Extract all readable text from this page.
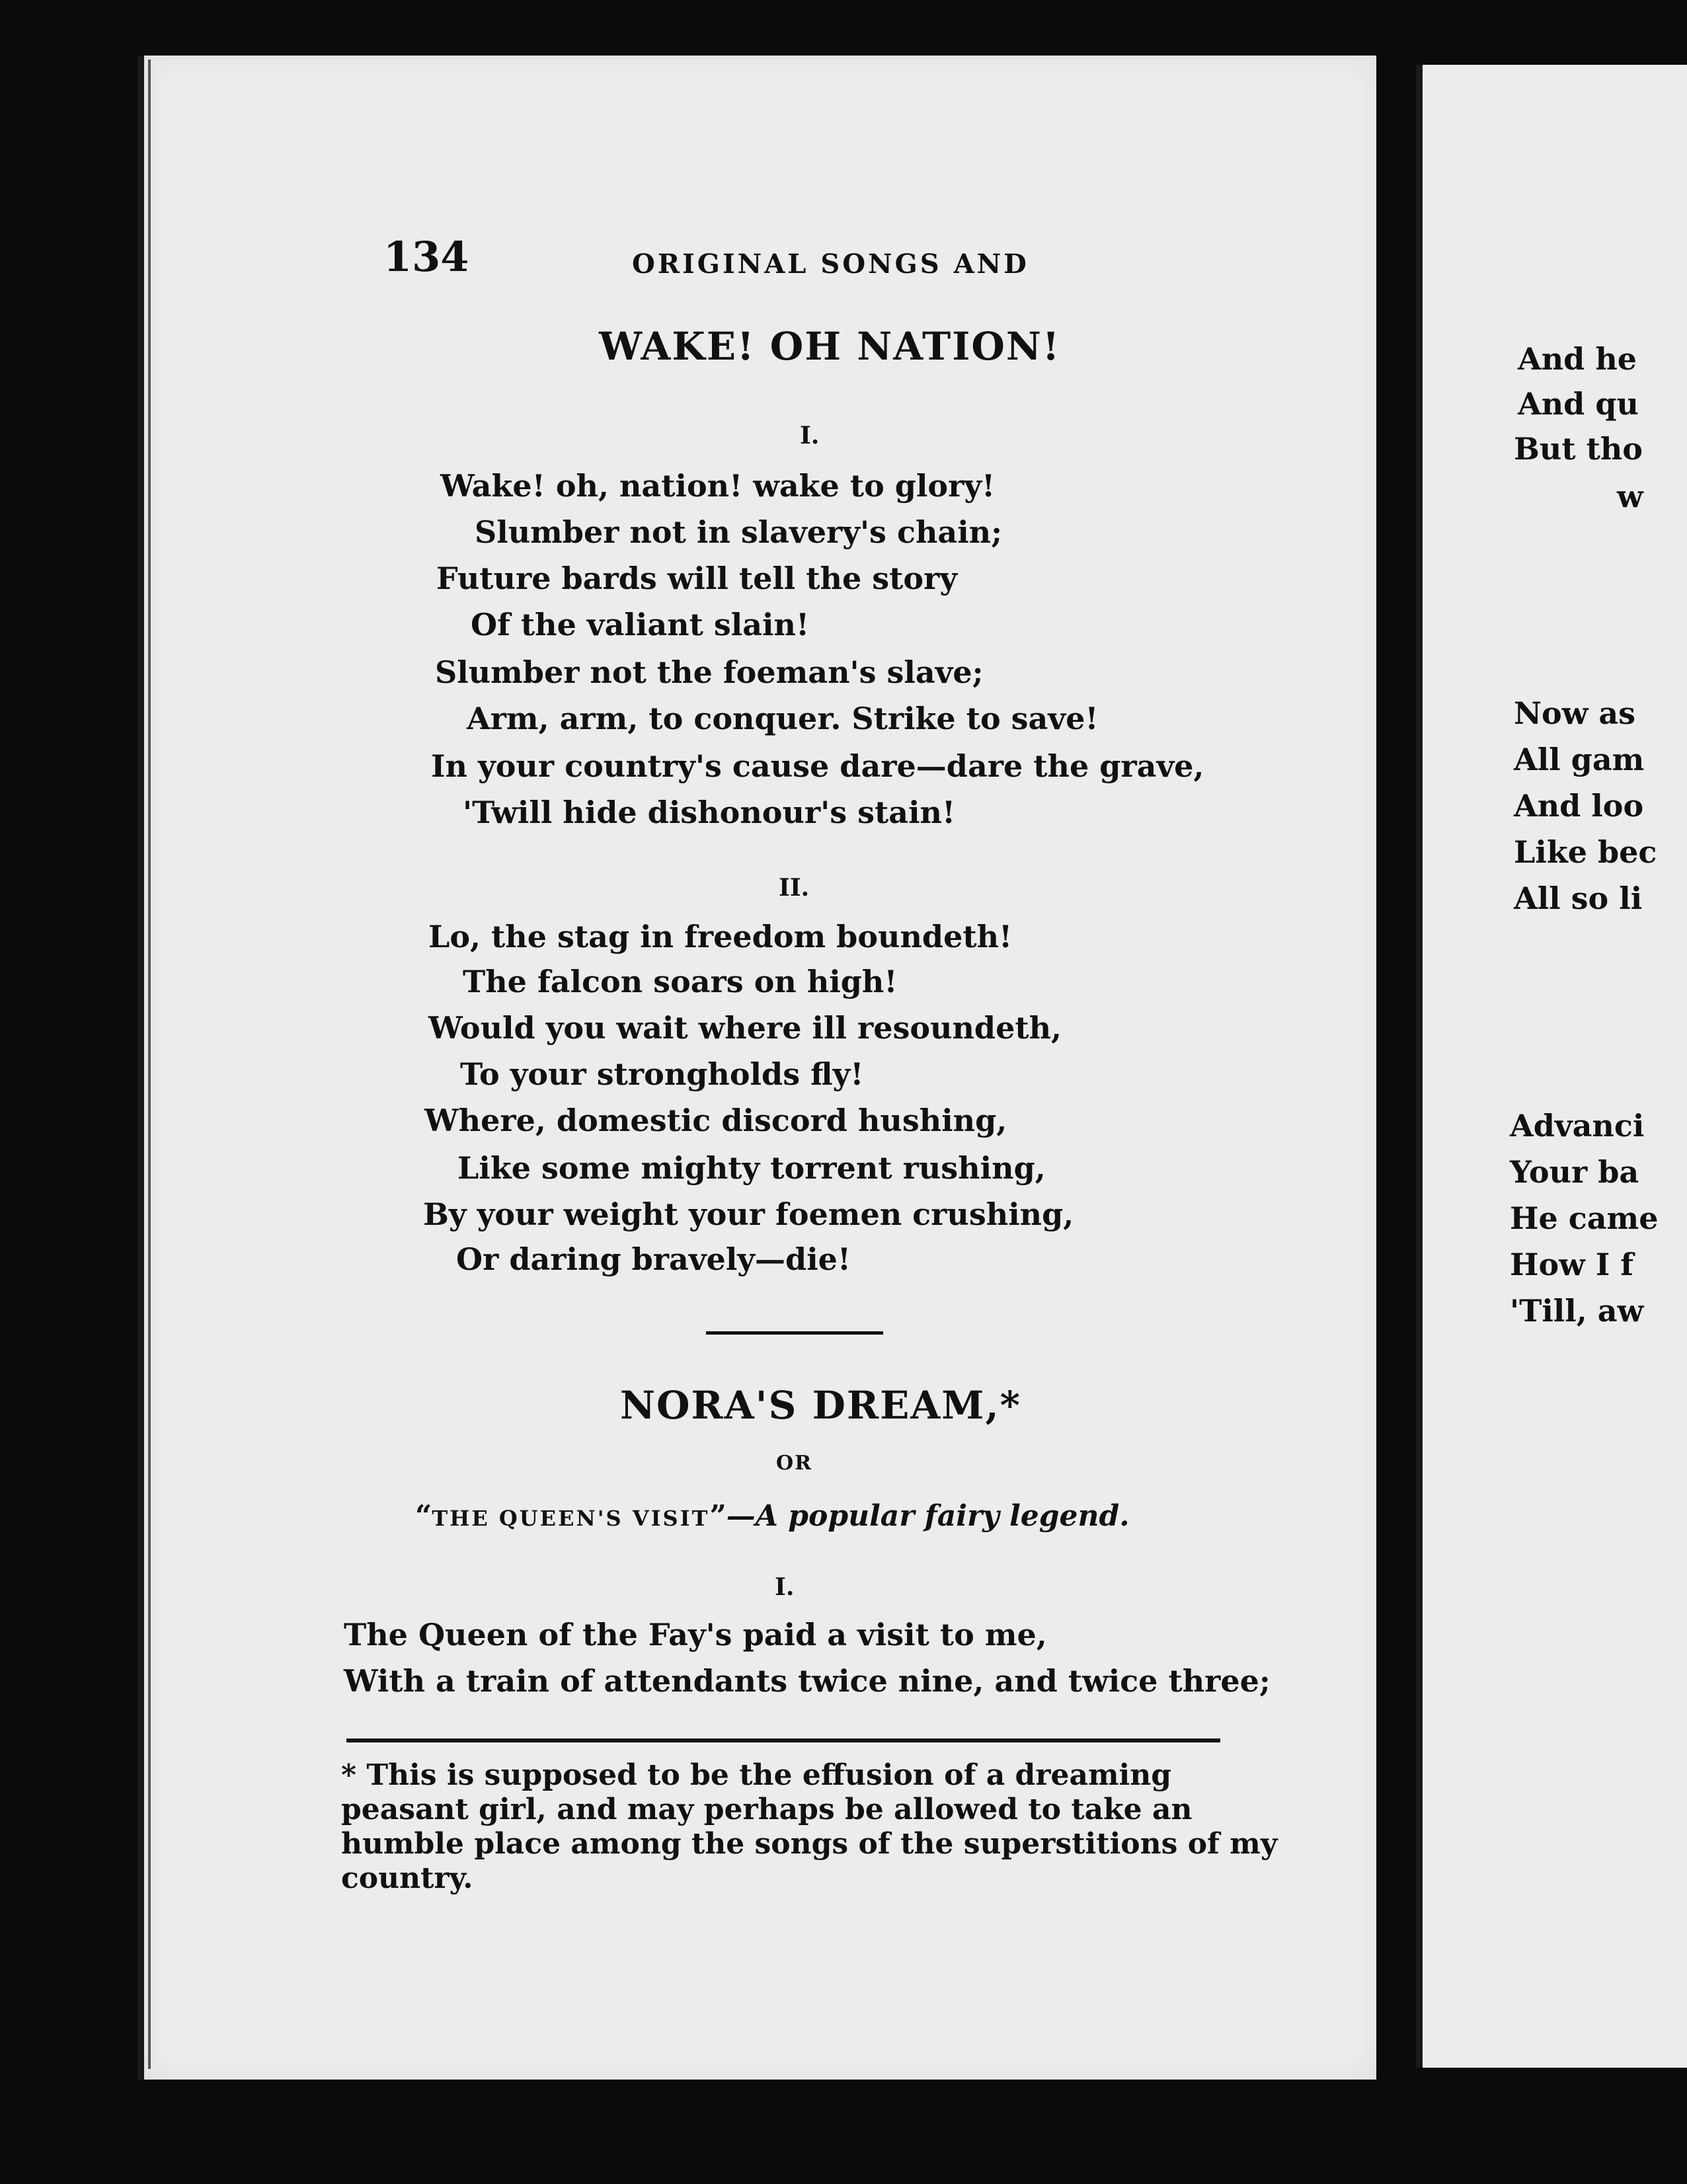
134	ORIGINAL SONGS AND
WAKE! OH NATION!
I.
Wake! oh, nation! wake to glory!
Slumber not in slavery's chain;
Future bards will tell the story
Of the valiant slain!
Slumber not the foeman's slave;
Arm, arm, to conquer. Strike to save!
In your country's cause dare—dare the grave,
'Twill hide dishonour's stain!
II.
Lo, the stag in freedom boundeth!
The falcon soars on high!
Would you wait where ill resoundeth,
To your strongholds fly!
Where, domestic discord hushing,
Like some mighty torrent rushing,
By your weight your foemen crushing,
Or daring bravely—die!
NORA'S DREAM,*
OR
“THE QUEEN'S VISIT”—A popular fairy legend.
I.
The Queen of the Fay's paid a visit to me,
With a train of attendants twice nine, and twice three;
* This is supposed to be the effusion of a dreaming
peasant girl, and may perhaps be allowed to take an
humble place among the songs of the superstitions of my
country.
And he
And qu
But tho
w
Now as
All gam
And loo
Like bec
All so li
Advanci
Your ba
He came
How I f
'Till, aw
